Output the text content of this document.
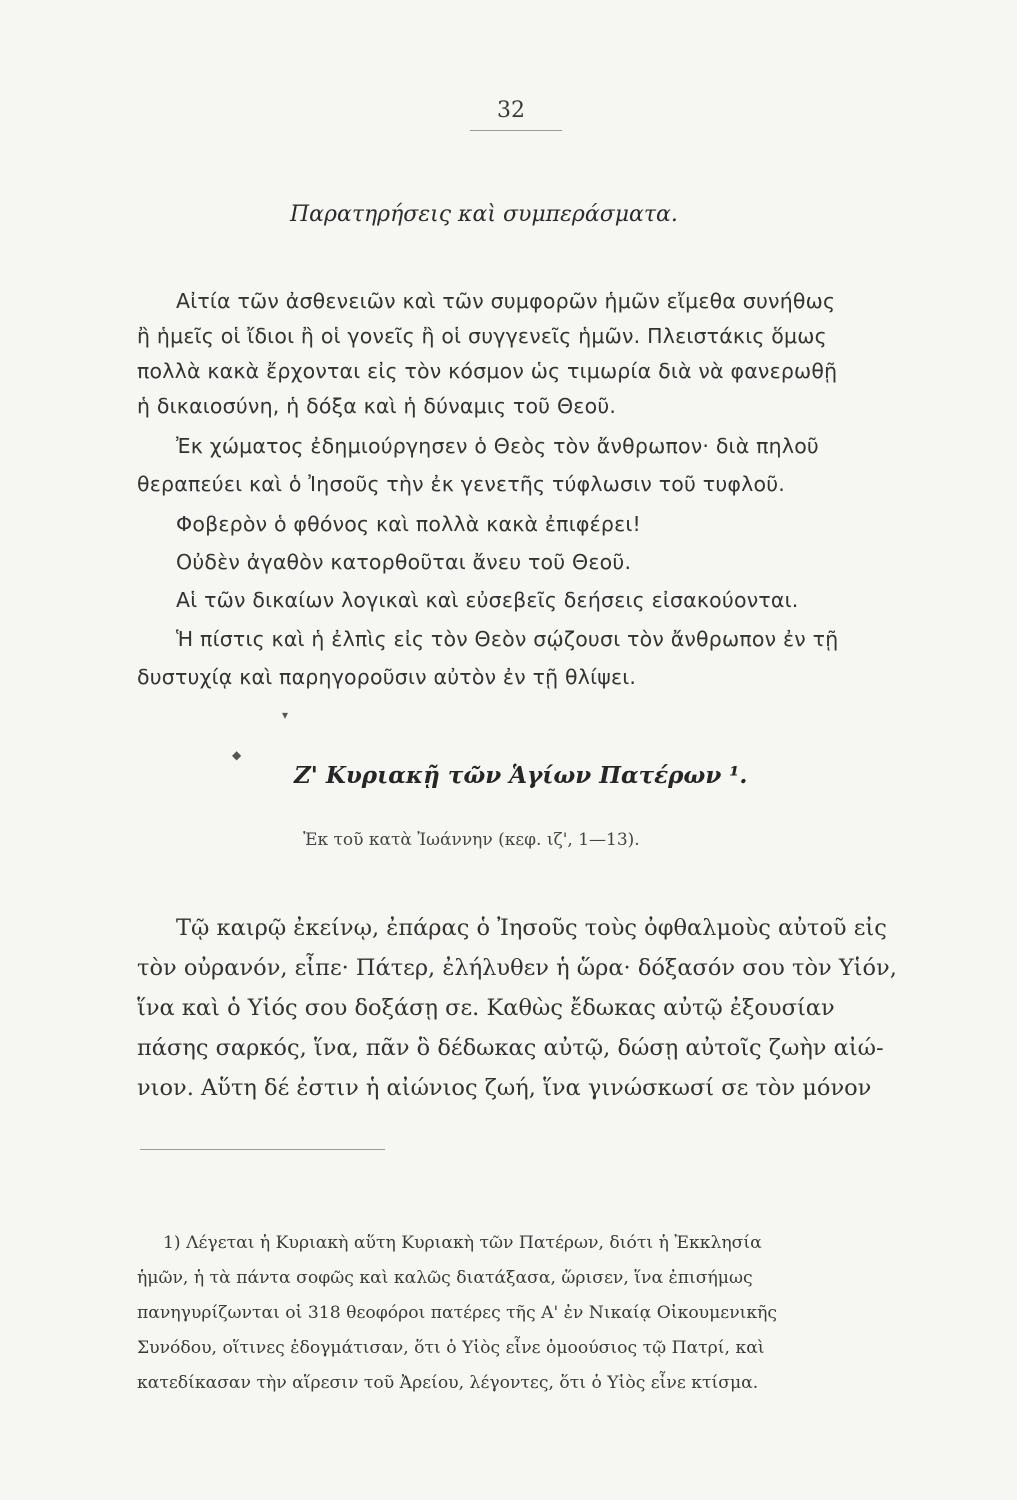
32
Παρατηρήσεις καὶ συμπεράσματα.
Αἰτία τῶν ἀσθενειῶν καὶ τῶν συμφορῶν ἡμῶν εἴμεθα συνήθως
ἢ ἡμεῖς οἱ ἴδιοι ἢ οἱ γονεῖς ἢ οἱ συγγενεῖς ἡμῶν. Πλειστάκις ὅμως
πολλὰ κακὰ ἔρχονται εἰς τὸν κόσμον ὡς τιμωρία διὰ νὰ φανερωθῇ
ἡ δικαιοσύνη, ἡ δόξα καὶ ἡ δύναμις τοῦ Θεοῦ.
Ἐκ χώματος ἐδημιούργησεν ὁ Θεὸς τὸν ἄνθρωπον· διὰ πηλοῦ
θεραπεύει καὶ ὁ Ἰησοῦς τὴν ἐκ γενετῆς τύφλωσιν τοῦ τυφλοῦ.
Φοβερὸν ὁ φθόνος καὶ πολλὰ κακὰ ἐπιφέρει!
Οὐδὲν ἀγαθὸν κατορθοῦται ἄνευ τοῦ Θεοῦ.
Αἱ τῶν δικαίων λογικαὶ καὶ εὐσεβεῖς δεήσεις εἰσακούονται.
Ἡ πίστις καὶ ἡ ἐλπὶς εἰς τὸν Θεὸν σῴζουσι τὸν ἄνθρωπον ἐν τῇ
δυστυχίᾳ καὶ παρηγοροῦσιν αὐτὸν ἐν τῇ θλίψει.
▾
◆
Ζ' Κυριακῇ τῶν Ἁγίων Πατέρων ¹.
Ἐκ τοῦ κατὰ Ἰωάννην (κεφ. ιζ', 1—13).
Τῷ καιρῷ ἐκείνῳ, ἐπάρας ὁ Ἰησοῦς τοὺς ὀφθαλμοὺς αὐτοῦ εἰς
τὸν οὐρανόν, εἶπε· Πάτερ, ἐλήλυθεν ἡ ὥρα· δόξασόν σου τὸν Υἱόν,
ἵνα καὶ ὁ Υἱός σου δοξάσῃ σε. Καθὼς ἔδωκας αὐτῷ ἐξουσίαν
πάσης σαρκός, ἵνα, πᾶν ὃ δέδωκας αὐτῷ, δώσῃ αὐτοῖς ζωὴν αἰώ-
νιον. Αὕτη δέ ἐστιν ἡ αἰώνιος ζωή, ἵνα γινώσκωσί σε τὸν μόνον
1) Λέγεται ἡ Κυριακὴ αὕτη Κυριακὴ τῶν Πατέρων, διότι ἡ Ἐκκλησία
ἡμῶν, ἡ τὰ πάντα σοφῶς καὶ καλῶς διατάξασα, ὥρισεν, ἵνα ἐπισήμως
πανηγυρίζωνται οἱ 318 θεοφόροι πατέρες τῆς Α' ἐν Νικαίᾳ Οἰκουμενικῆς
Συνόδου, οἵτινες ἐδογμάτισαν, ὅτι ὁ Υἱὸς εἶνε ὁμοούσιος τῷ Πατρί, καὶ
κατεδίκασαν τὴν αἵρεσιν τοῦ Ἀρείου, λέγοντες, ὅτι ὁ Υἱὸς εἶνε κτίσμα.
